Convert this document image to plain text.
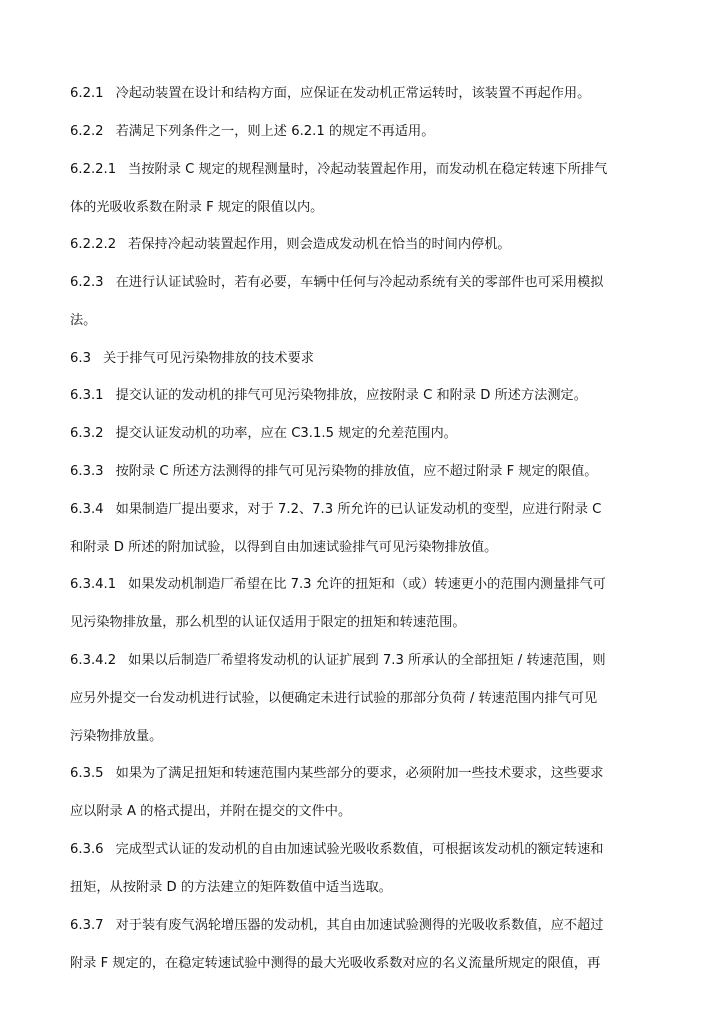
6.2.1 冷起动装置在设计和结构方面，应保证在发动机正常运转时，该装置不再起作用。
6.2.2 若满足下列条件之一，则上述 6.2.1 的规定不再适用。
6.2.2.1 当按附录 C 规定的规程测量时，冷起动装置起作用，而发动机在稳定转速下所排气
体的光吸收系数在附录 F 规定的限值以内。
6.2.2.2 若保持冷起动装置起作用，则会造成发动机在恰当的时间内停机。
6.2.3 在进行认证试验时，若有必要，车辆中任何与冷起动系统有关的零部件也可采用模拟
法。
6.3 关于排气可见污染物排放的技术要求
6.3.1 提交认证的发动机的排气可见污染物排放，应按附录 C 和附录 D 所述方法测定。
6.3.2 提交认证发动机的功率，应在 C3.1.5 规定的允差范围内。
6.3.3 按附录 C 所述方法测得的排气可见污染物的排放值，应不超过附录 F 规定的限值。
6.3.4 如果制造厂提出要求，对于 7.2、7.3 所允许的已认证发动机的变型，应进行附录 C
和附录 D 所述的附加试验，以得到自由加速试验排气可见污染物排放值。
6.3.4.1 如果发动机制造厂希望在比 7.3 允许的扭矩和（或）转速更小的范围内测量排气可
见污染物排放量，那么机型的认证仅适用于限定的扭矩和转速范围。
6.3.4.2 如果以后制造厂希望将发动机的认证扩展到 7.3 所承认的全部扭矩 / 转速范围，则
应另外提交一台发动机进行试验，以便确定未进行试验的那部分负荷 / 转速范围内排气可见
污染物排放量。
6.3.5 如果为了满足扭矩和转速范围内某些部分的要求，必须附加一些技术要求，这些要求
应以附录 A 的格式提出，并附在提交的文件中。
6.3.6 完成型式认证的发动机的自由加速试验光吸收系数值，可根据该发动机的额定转速和
扭矩，从按附录 D 的方法建立的矩阵数值中适当选取。
6.3.7 对于装有废气涡轮增压器的发动机，其自由加速试验测得的光吸收系数值，应不超过
附录 F 规定的，在稳定转速试验中测得的最大光吸收系数对应的名义流量所规定的限值，再
